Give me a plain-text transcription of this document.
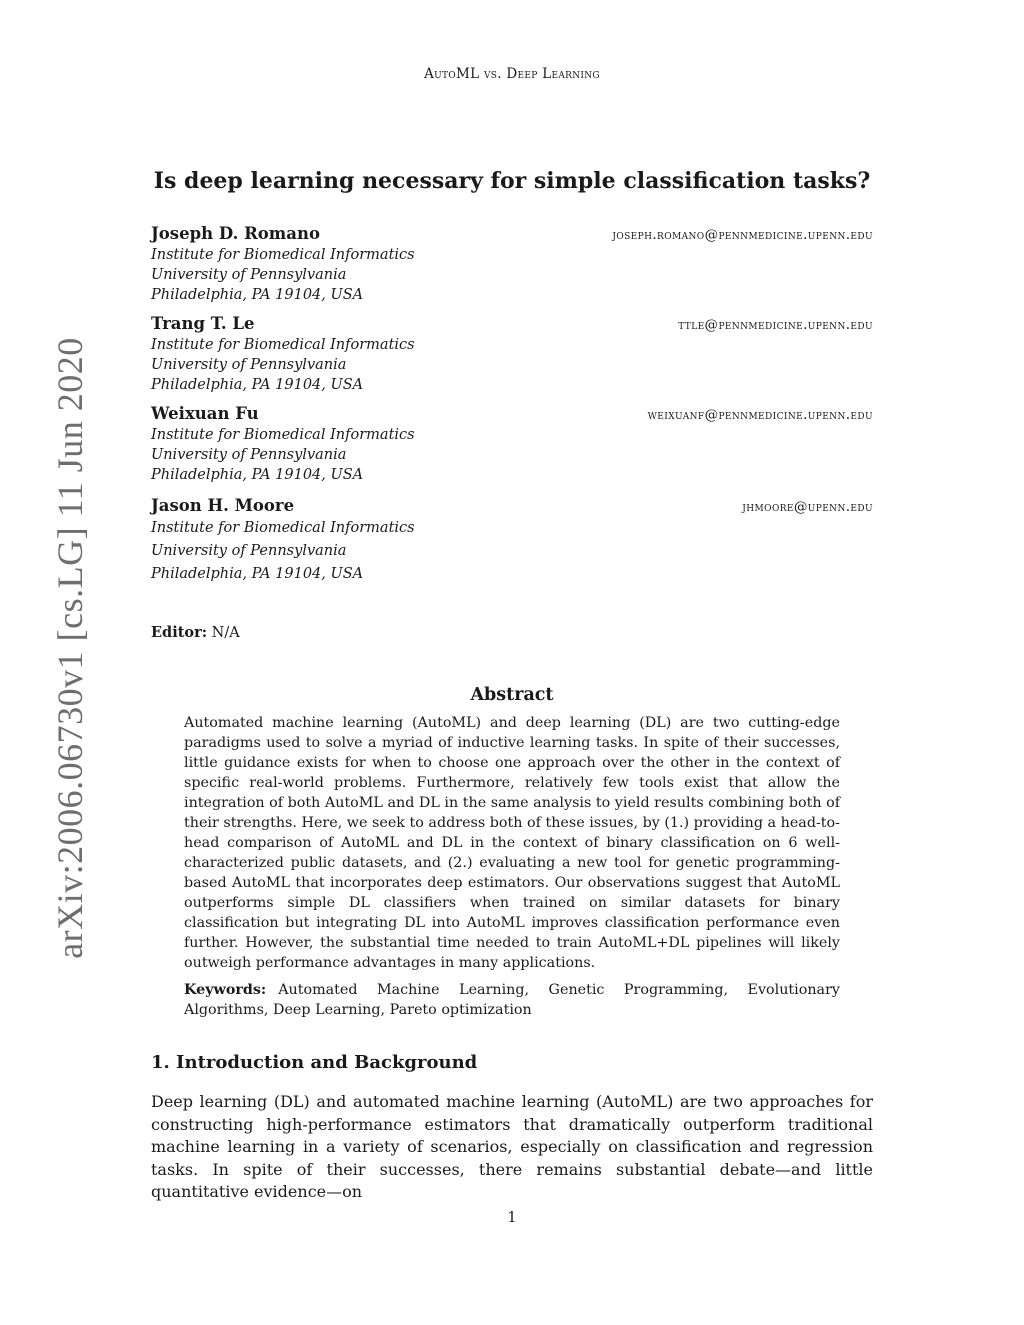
AutoML vs. Deep Learning
arXiv:2006.06730v1 [cs.LG] 11 Jun 2020
Is deep learning necessary for simple classification tasks?
Joseph D. Romano	joseph.romano@pennmedicine.upenn.edu
Institute for Biomedical Informatics
University of Pennsylvania
Philadelphia, PA 19104, USA
Trang T. Le	ttle@pennmedicine.upenn.edu
Institute for Biomedical Informatics
University of Pennsylvania
Philadelphia, PA 19104, USA
Weixuan Fu	weixuanf@pennmedicine.upenn.edu
Institute for Biomedical Informatics
University of Pennsylvania
Philadelphia, PA 19104, USA
Jason H. Moore	jhmoore@upenn.edu
Institute for Biomedical Informatics
University of Pennsylvania
Philadelphia, PA 19104, USA
Editor: N/A
Abstract
Automated machine learning (AutoML) and deep learning (DL) are two cutting-edge paradigms used to solve a myriad of inductive learning tasks. In spite of their successes, little guidance exists for when to choose one approach over the other in the context of specific real-world problems. Furthermore, relatively few tools exist that allow the integration of both AutoML and DL in the same analysis to yield results combining both of their strengths. Here, we seek to address both of these issues, by (1.) providing a head-to-head comparison of AutoML and DL in the context of binary classification on 6 well-characterized public datasets, and (2.) evaluating a new tool for genetic programming-based AutoML that incorporates deep estimators. Our observations suggest that AutoML outperforms simple DL classifiers when trained on similar datasets for binary classification but integrating DL into AutoML improves classification performance even further. However, the substantial time needed to train AutoML+DL pipelines will likely outweigh performance advantages in many applications.
Keywords: Automated Machine Learning, Genetic Programming, Evolutionary Algorithms, Deep Learning, Pareto optimization
1. Introduction and Background
Deep learning (DL) and automated machine learning (AutoML) are two approaches for constructing high-performance estimators that dramatically outperform traditional machine learning in a variety of scenarios, especially on classification and regression tasks. In spite of their successes, there remains substantial debate—and little quantitative evidence—on
1
